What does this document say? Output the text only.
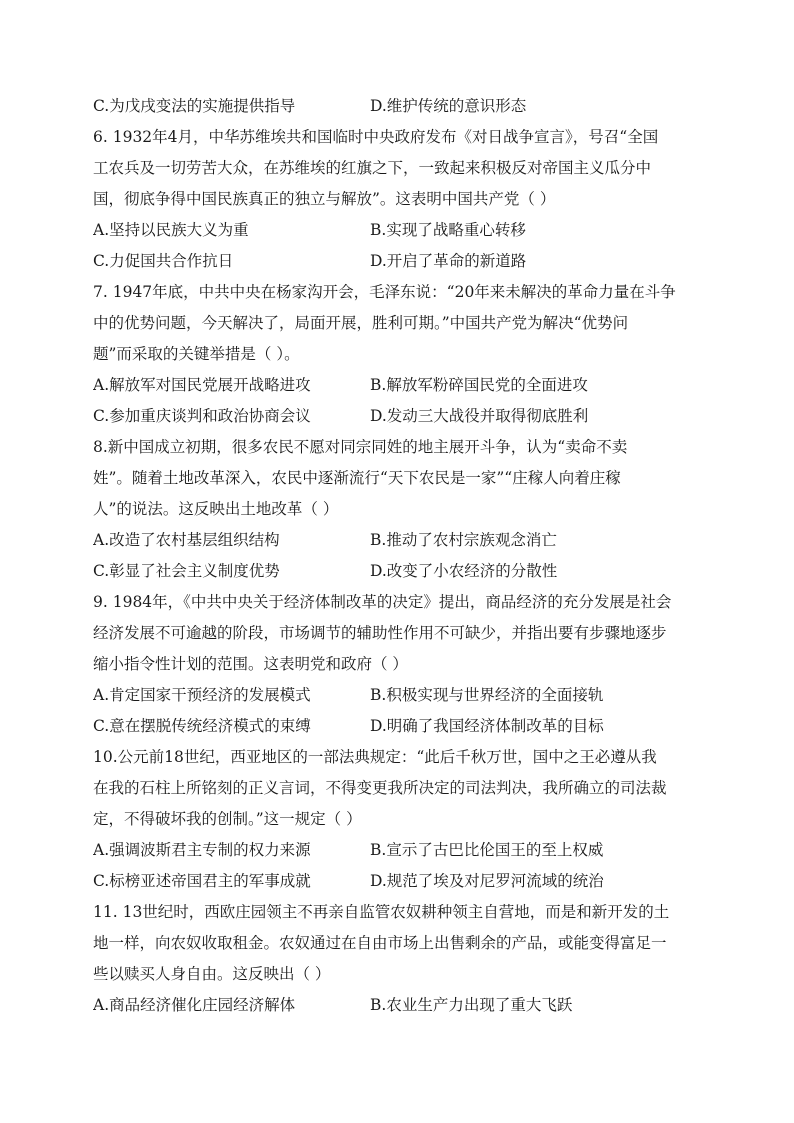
C.为戊戌变法的实施提供指导	D.维护传统的意识形态
6. 1932年4月，中华苏维埃共和国临时中央政府发布《对日战争宣言》，号召“全国
工农兵及一切劳苦大众，在苏维埃的红旗之下，一致起来积极反对帝国主义瓜分中
国，彻底争得中国民族真正的独立与解放”。这表明中国共产党（ ）
A.坚持以民族大义为重	B.实现了战略重心转移
C.力促国共合作抗日	D.开启了革命的新道路
7. 1947年底，中共中央在杨家沟开会，毛泽东说：“20年来未解决的革命力量在斗争
中的优势问题，今天解决了，局面开展，胜利可期。”中国共产党为解决“优势问
题”而采取的关键举措是（ ）。
A.解放军对国民党展开战略进攻	B.解放军粉碎国民党的全面进攻
C.参加重庆谈判和政治协商会议	D.发动三大战役并取得彻底胜利
8.新中国成立初期，很多农民不愿对同宗同姓的地主展开斗争，认为“卖命不卖
姓”。随着土地改革深入，农民中逐渐流行“天下农民是一家”“庄稼人向着庄稼
人”的说法。这反映出土地改革（ ）
A.改造了农村基层组织结构	B.推动了农村宗族观念消亡
C.彰显了社会主义制度优势	D.改变了小农经济的分散性
9. 1984年，《中共中央关于经济体制改革的决定》提出，商品经济的充分发展是社会
经济发展不可逾越的阶段，市场调节的辅助性作用不可缺少，并指出要有步骤地逐步
缩小指令性计划的范围。这表明党和政府（ ）
A.肯定国家干预经济的发展模式	B.积极实现与世界经济的全面接轨
C.意在摆脱传统经济模式的束缚	D.明确了我国经济体制改革的目标
10.公元前18世纪，西亚地区的一部法典规定：“此后千秋万世，国中之王必遵从我
在我的石柱上所铭刻的正义言词，不得变更我所决定的司法判决，我所确立的司法裁
定，不得破坏我的创制。”这一规定（ ）
A.强调波斯君主专制的权力来源	B.宣示了古巴比伦国王的至上权威
C.标榜亚述帝国君主的军事成就	D.规范了埃及对尼罗河流域的统治
11. 13世纪时，西欧庄园领主不再亲自监管农奴耕种领主自营地，而是和新开发的土
地一样，向农奴收取租金。农奴通过在自由市场上出售剩余的产品，或能变得富足一
些以赎买人身自由。这反映出（ ）
A.商品经济催化庄园经济解体	B.农业生产力出现了重大飞跃
